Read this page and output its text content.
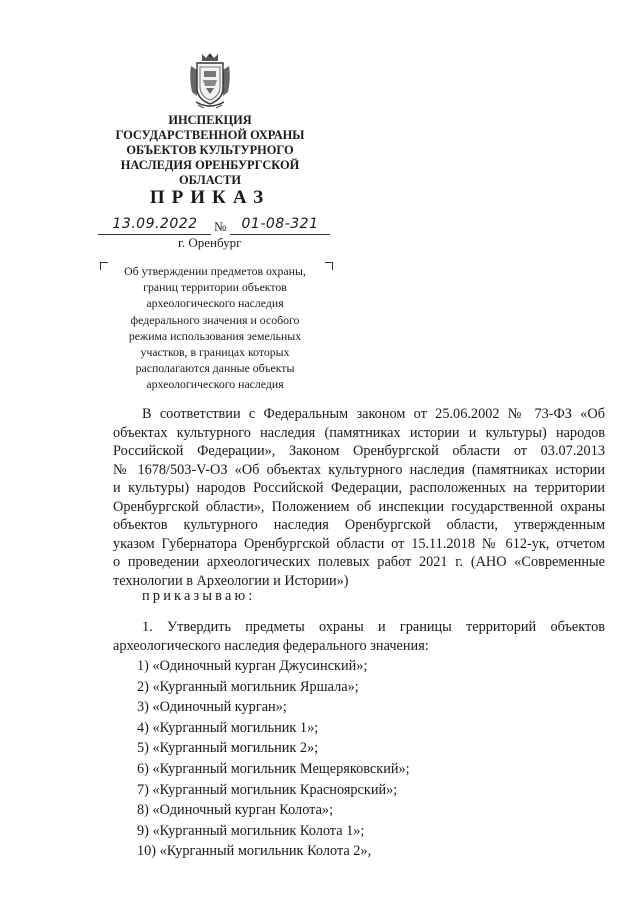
ИНСПЕКЦИЯ
ГОСУДАРСТВЕННОЙ ОХРАНЫ
ОБЪЕКТОВ КУЛЬТУРНОГО
НАСЛЕДИЯ ОРЕНБУРГСКОЙ
ОБЛАСТИ
ПРИКАЗ
13.09.2022	№	01-08-321
г. Оренбург
Об утверждении предметов охраны,
границ территории объектов
археологического наследия
федерального значения и особого
режима использования земельных
участков, в границах которых
располагаются данные объекты
археологического наследия
В соответствии с Федеральным законом от 25.06.2002 № 73-ФЗ «Об
объектах культурного наследия (памятниках истории и культуры) народов
Российской Федерации», Законом Оренбургской области от 03.07.2013
№ 1678/503-V-ОЗ «Об объектах культурного наследия (памятниках истории
и культуры) народов Российской Федерации, расположенных на территории
Оренбургской области», Положением об инспекции государственной охраны
объектов культурного наследия Оренбургской области, утвержденным
указом Губернатора Оренбургской области от 15.11.2018 № 612-ук, отчетом
о проведении археологических полевых работ 2021 г. (АНО «Современные
технологии в Археологии и Истории»)
приказываю:
1. Утвердить предметы охраны и границы территорий объектов
археологического наследия федерального значения:
1) «Одиночный курган Джусинский»;
2) «Курганный могильник Яршала»;
3) «Одиночный курган»;
4) «Курганный могильник 1»;
5) «Курганный могильник 2»;
6) «Курганный могильник Мещеряковский»;
7) «Курганный могильник Красноярский»;
8) «Одиночный курган Колота»;
9) «Курганный могильник Колота 1»;
10) «Курганный могильник Колота 2»,
